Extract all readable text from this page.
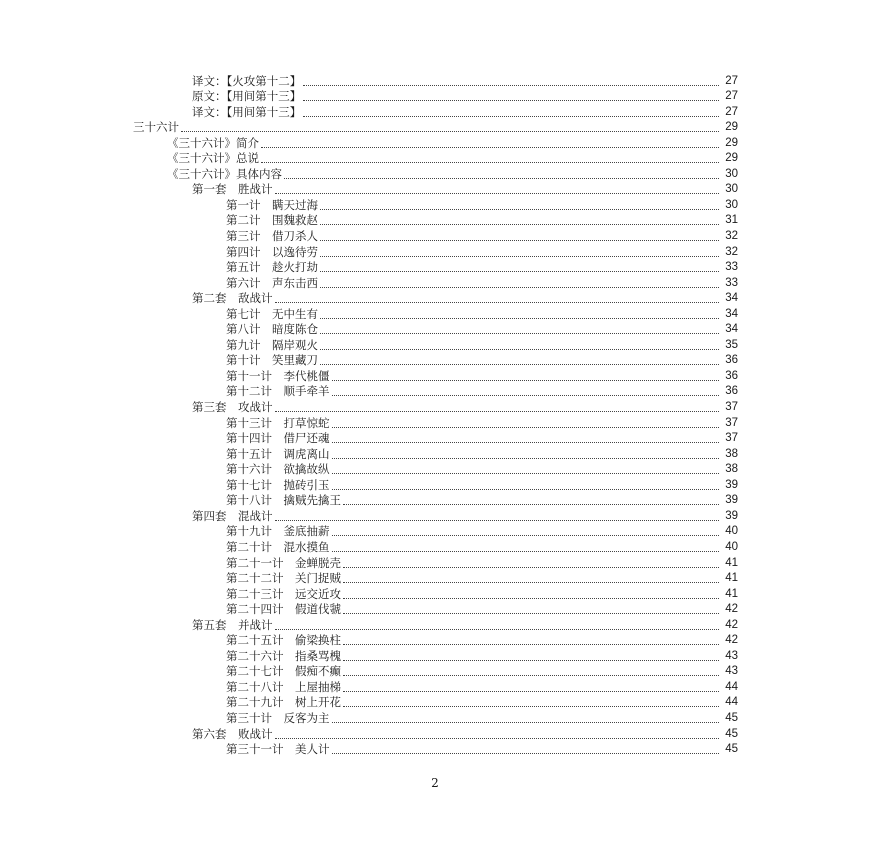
译文：【火攻第十二】	27
原文：【用间第十三】	27
译文：【用间第十三】	27
三十六计	29
《三十六计》简介	29
《三十六计》总说	29
《三十六计》具体内容	30
第一套　胜战计	30
第一计　瞒天过海	30
第二计　围魏救赵	31
第三计　借刀杀人	32
第四计　以逸待劳	32
第五计　趁火打劫	33
第六计　声东击西	33
第二套　敌战计	34
第七计　无中生有	34
第八计　暗度陈仓	34
第九计　隔岸观火	35
第十计　笑里藏刀	36
第十一计　李代桃僵	36
第十二计　顺手牵羊	36
第三套　攻战计	37
第十三计　打草惊蛇	37
第十四计　借尸还魂	37
第十五计　调虎离山	38
第十六计　欲擒故纵	38
第十七计　抛砖引玉	39
第十八计　擒贼先擒王	39
第四套　混战计	39
第十九计　釜底抽薪	40
第二十计　混水摸鱼	40
第二十一计　金蝉脱壳	41
第二十二计　关门捉贼	41
第二十三计　远交近攻	41
第二十四计　假道伐虢	42
第五套　并战计	42
第二十五计　偷梁换柱	42
第二十六计　指桑骂槐	43
第二十七计　假痴不癫	43
第二十八计　上屋抽梯	44
第二十九计　树上开花	44
第三十计　反客为主	45
第六套　败战计	45
第三十一计　美人计	45
2
